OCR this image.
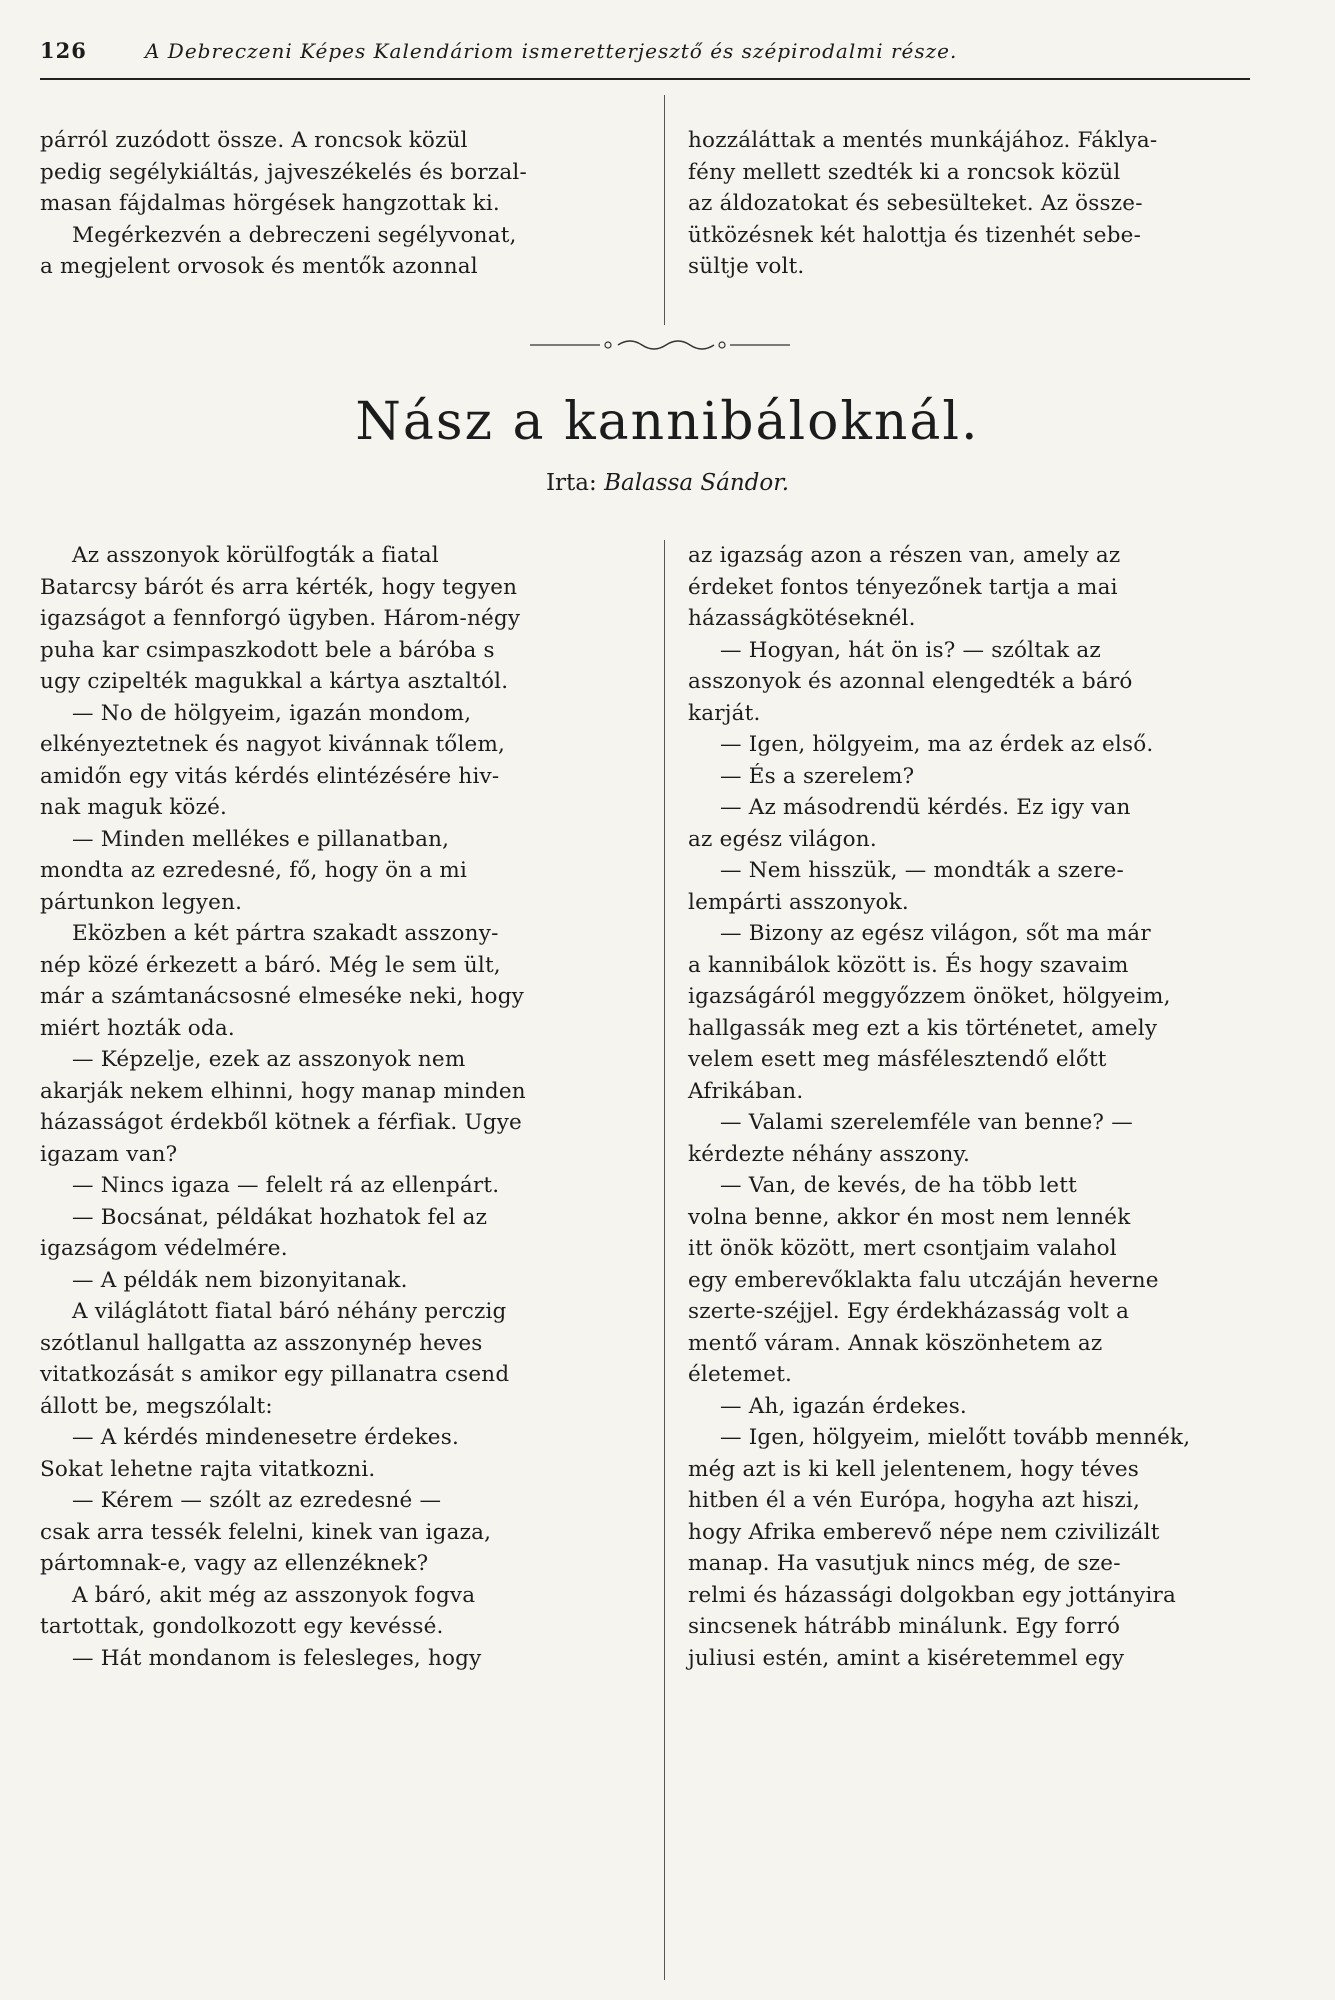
126	A Debreczeni Képes Kalendáriom ismeretterjesztő és szépirodalmi része.

párról zuzódott össze. A roncsok közül

pedig segélykiáltás, jajveszékelés és borzal-

masan fájdalmas hörgések hangzottak ki.

Megérkezvén a debreczeni segélyvonat,

a megjelent orvosok és mentők azonnal

hozzáláttak a mentés munkájához. Fáklya-

fény mellett szedték ki a roncsok közül

az áldozatokat és sebesülteket. Az össze-

ütközésnek két halottja és tizenhét sebe-

sültje volt.

Nász a kannibáloknál.
Irta: Balassa Sándor.

Az asszonyok körülfogták a fiatal

Batarcsy bárót és arra kérték, hogy tegyen

igazságot a fennforgó ügyben. Három-négy

puha kar csimpaszkodott bele a báróba s

ugy czipelték magukkal a kártya asztaltól.

— No de hölgyeim, igazán mondom,

elkényeztetnek és nagyot kivánnak tőlem,

amidőn egy vitás kérdés elintézésére hiv-

nak maguk közé.

— Minden mellékes e pillanatban,

mondta az ezredesné, fő, hogy ön a mi

pártunkon legyen.

Eközben a két pártra szakadt asszony-

nép közé érkezett a báró. Még le sem ült,

már a számtanácsosné elmeséke neki, hogy

miért hozták oda.

— Képzelje, ezek az asszonyok nem

akarják nekem elhinni, hogy manap minden

házasságot érdekből kötnek a férfiak. Ugye

igazam van?

— Nincs igaza — felelt rá az ellenpárt.

— Bocsánat, példákat hozhatok fel az

igazságom védelmére.

— A példák nem bizonyitanak.

A világlátott fiatal báró néhány perczig

szótlanul hallgatta az asszonynép heves

vitatkozását s amikor egy pillanatra csend

állott be, megszólalt:

— A kérdés mindenesetre érdekes.

Sokat lehetne rajta vitatkozni.

— Kérem — szólt az ezredesné —

csak arra tessék felelni, kinek van igaza,

pártomnak-e, vagy az ellenzéknek?

A báró, akit még az asszonyok fogva

tartottak, gondolkozott egy kevéssé.

— Hát mondanom is felesleges, hogy

az igazság azon a részen van, amely az

érdeket fontos tényezőnek tartja a mai

házasságkötéseknél.

— Hogyan, hát ön is? — szóltak az

asszonyok és azonnal elengedték a báró

karját.

— Igen, hölgyeim, ma az érdek az első.

— És a szerelem?

— Az másodrendü kérdés. Ez igy van

az egész világon.

— Nem hisszük, — mondták a szere-

lempárti asszonyok.

— Bizony az egész világon, sőt ma már

a kannibálok között is. És hogy szavaim

igazságáról meggyőzzem önöket, hölgyeim,

hallgassák meg ezt a kis történetet, amely

velem esett meg másfélesztendő előtt

Afrikában.

— Valami szerelemféle van benne? —

kérdezte néhány asszony.

— Van, de kevés, de ha több lett

volna benne, akkor én most nem lennék

itt önök között, mert csontjaim valahol

egy emberevőklakta falu utczáján heverne

szerte-széjjel. Egy érdekházasság volt a

mentő váram. Annak köszönhetem az

életemet.

— Ah, igazán érdekes.

— Igen, hölgyeim, mielőtt tovább mennék,

még azt is ki kell jelentenem, hogy téves

hitben él a vén Európa, hogyha azt hiszi,

hogy Afrika emberevő népe nem czivilizált

manap. Ha vasutjuk nincs még, de sze-

relmi és házassági dolgokban egy jottányira

sincsenek hátrább minálunk. Egy forró

juliusi estén, amint a kiséretemmel egy
